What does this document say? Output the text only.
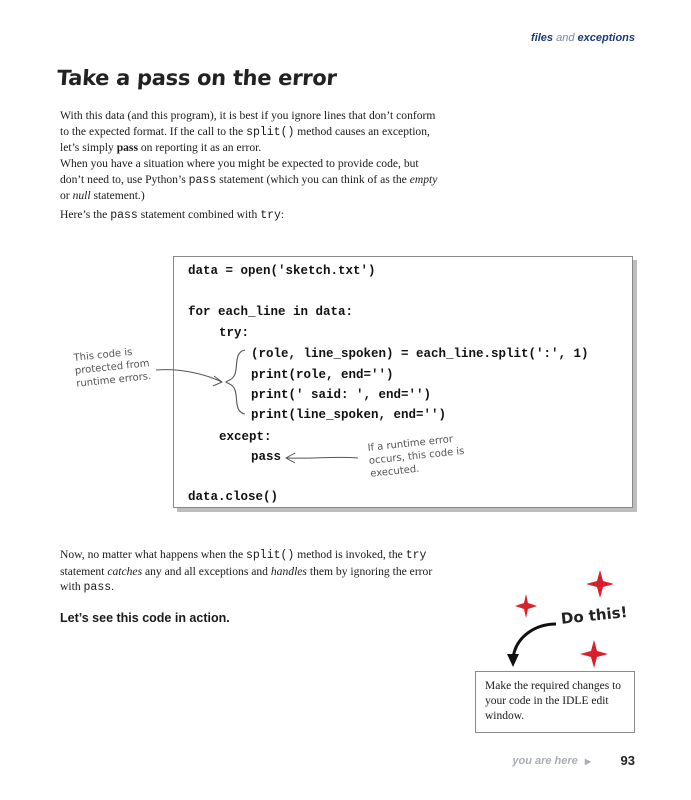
files and exceptions
Take a pass on the error
With this data (and this program), it is best if you ignore lines that don’t conform to the expected format. If the call to the split() method causes an exception, let’s simply pass on reporting it as an error.
When you have a situation where you might be expected to provide code, but don’t need to, use Python’s pass statement (which you can think of as the empty or null statement.)
Here’s the pass statement combined with try:
data = open('sketch.txt')
for each_line in data:
try:
(role, line_spoken) = each_line.split(':', 1)
print(role, end='')
print(' said: ', end='')
print(line_spoken, end='')
except:
pass
data.close()
This code is protected from runtime errors.
If a runtime error occurs, this code is executed.
Now, no matter what happens when the split() method is invoked, the try statement catches any and all exceptions and handles them by ignoring the error with pass.
Let’s see this code in action.	Do this!
Make the required changes to your code in the IDLE edit window.
you are here ▶ 93
